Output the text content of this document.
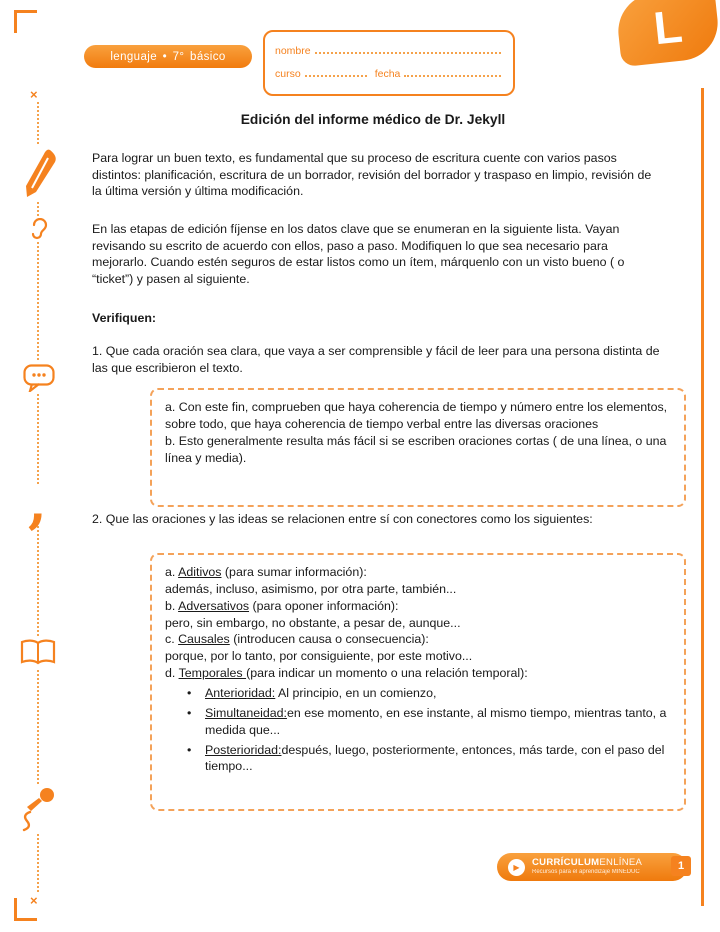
×
×
,
lenguaje • 7° básico	nombre
curso	fecha
L
Edición del informe médico de Dr. Jekyll
Para lograr un buen texto, es fundamental que su proceso de escritura cuente con varios pasos distintos: planificación, escritura de un borrador, revisión del borrador y traspaso en limpio, revisión de la última versión y última modificación.
En las etapas de edición fíjense en los datos clave que se enumeran en la siguiente lista. Vayan revisando su escrito de acuerdo con ellos, paso a paso. Modifiquen lo que sea necesario para mejorarlo. Cuando estén seguros de estar listos como un ítem, márquenlo con un visto bueno ( o “ticket”) y pasen al siguiente.
Verifiquen:
1. Que cada oración sea clara, que vaya a ser comprensible y fácil de leer para una persona distinta de las que escribieron el texto.
a. Con este fin, comprueben que haya coherencia de tiempo y número entre los elementos, sobre todo, que haya coherencia de tiempo verbal entre las diversas oraciones
b. Esto generalmente resulta más fácil si se escriben oraciones cortas ( de una línea, o una línea y media).
2. Que las oraciones y las ideas se relacionen entre sí con conectores como los siguientes:
a. Aditivos (para sumar información):
además, incluso, asimismo, por otra parte, también...
b. Adversativos (para oponer información):
pero, sin embargo, no obstante, a pesar de, aunque...
c. Causales (introducen causa o consecuencia):
porque, por lo tanto, por consiguiente, por este motivo...
d. Temporales (para indicar un momento o una relación temporal):
•	Anterioridad: Al principio, en un comienzo,
•	Simultaneidad:en ese momento, en ese instante, al mismo tiempo, mientras tanto, a medida que...
•	Posterioridad:después, luego, posteriormente, entonces, más tarde, con el paso del tiempo...
▶	CURRÍCULUMENLÍNEA
Recursos para el aprendizaje MINEDUC
1
